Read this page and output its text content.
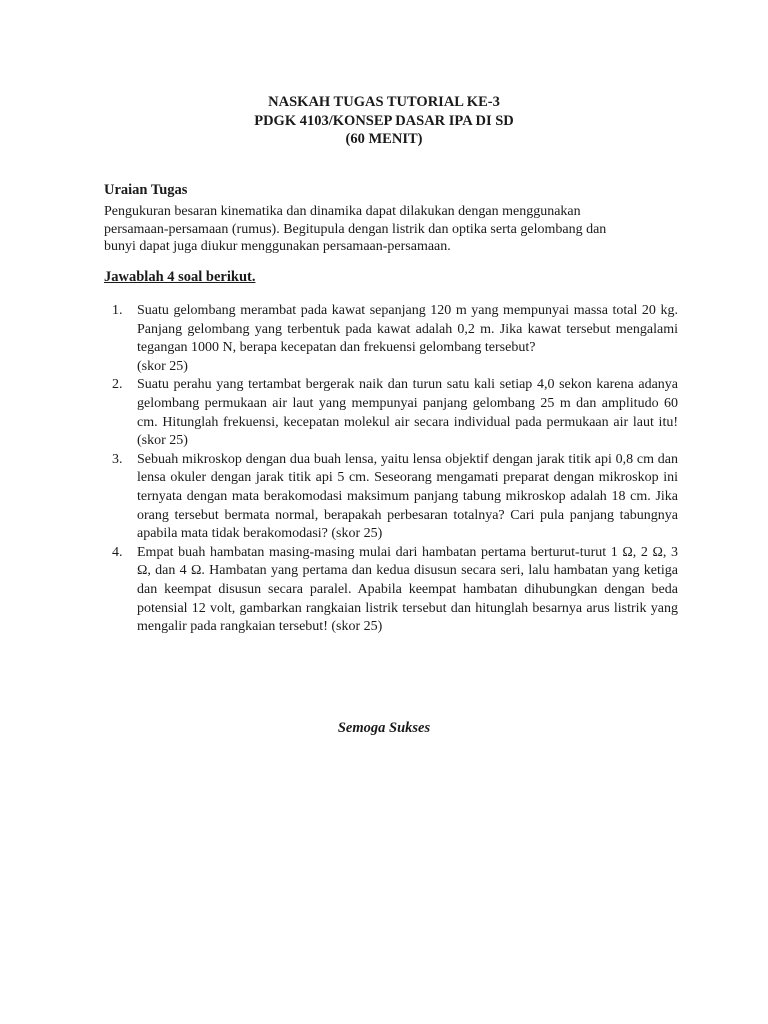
NASKAH TUGAS TUTORIAL KE-3
PDGK 4103/KONSEP DASAR IPA DI SD
(60 MENIT)
Uraian Tugas
Pengukuran besaran kinematika dan dinamika dapat dilakukan dengan menggunakan persamaan-persamaan (rumus). Begitupula dengan listrik dan optika serta gelombang dan bunyi dapat juga diukur menggunakan persamaan-persamaan.
Jawablah 4 soal berikut.
1. Suatu gelombang merambat pada kawat sepanjang 120 m yang mempunyai massa total 20 kg. Panjang gelombang yang terbentuk pada kawat adalah 0,2 m. Jika kawat tersebut mengalami tegangan 1000 N, berapa kecepatan dan frekuensi gelombang tersebut?
(skor 25)
2. Suatu perahu yang tertambat bergerak naik dan turun satu kali setiap 4,0 sekon karena adanya gelombang permukaan air laut yang mempunyai panjang gelombang 25 m dan amplitudo 60 cm. Hitunglah frekuensi, kecepatan molekul air secara individual pada permukaan air laut itu! (skor 25)
3. Sebuah mikroskop dengan dua buah lensa, yaitu lensa objektif dengan jarak titik api 0,8 cm dan lensa okuler dengan jarak titik api 5 cm. Seseorang mengamati preparat dengan mikroskop ini ternyata dengan mata berakomodasi maksimum panjang tabung mikroskop adalah 18 cm. Jika orang tersebut bermata normal, berapakah perbesaran totalnya? Cari pula panjang tabungnya apabila mata tidak berakomodasi? (skor 25)
4. Empat buah hambatan masing-masing mulai dari hambatan pertama berturut-turut 1 Ω, 2 Ω, 3 Ω, dan 4 Ω. Hambatan yang pertama dan kedua disusun secara seri, lalu hambatan yang ketiga dan keempat disusun secara paralel. Apabila keempat hambatan dihubungkan dengan beda potensial 12 volt, gambarkan rangkaian listrik tersebut dan hitunglah besarnya arus listrik yang mengalir pada rangkaian tersebut! (skor 25)
Semoga Sukses
